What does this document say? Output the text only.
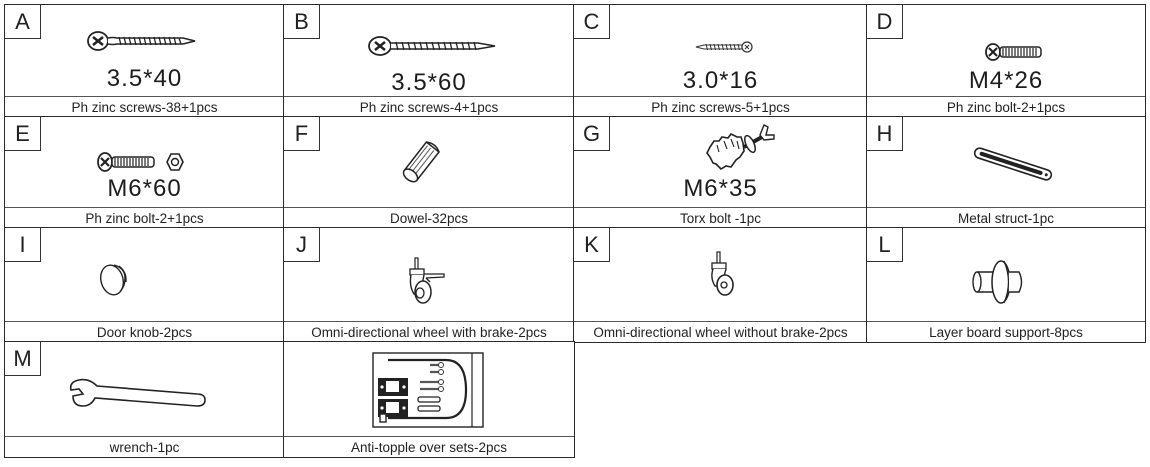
A
3.5*40
Ph zinc screws-38+1pcs
B
3.5*60
Ph zinc screws-4+1pcs
C
3.0*16
Ph zinc screws-5+1pcs
D
M4*26
Ph zinc bolt-2+1pcs
E
M6*60
Ph zinc bolt-2+1pcs
F
Dowel-32pcs
G
M6*35
Torx bolt -1pc
H
Metal struct-1pc
I
Door knob-2pcs
J
Omni-directional wheel with brake-2pcs
K
Omni-directional wheel without brake-2pcs
L
Layer board support-8pcs
M
wrench-1pc	Anti-topple over sets-2pcs
